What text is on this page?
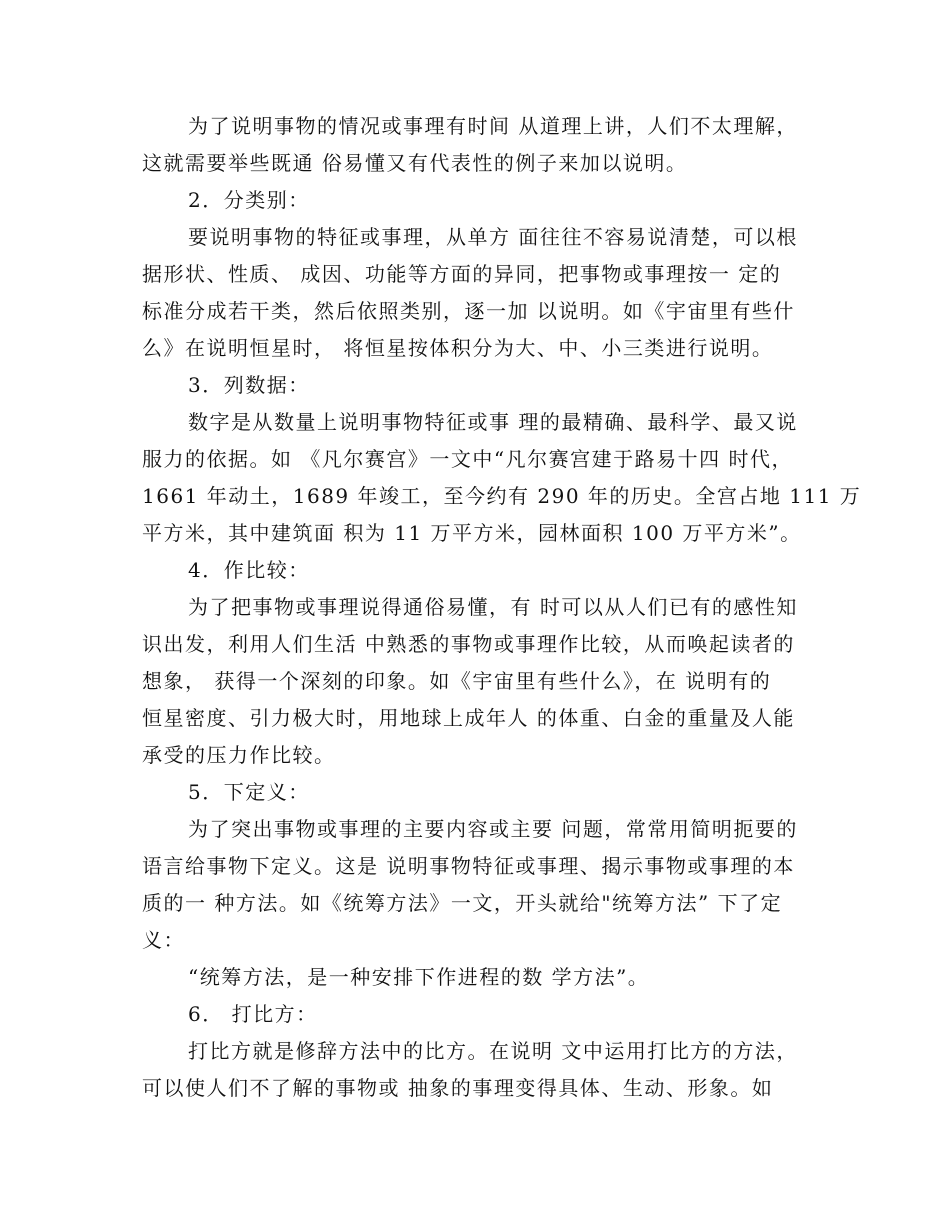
为了说明事物的情况或事理有时间 从道理上讲，人们不太理解，
这就需要举些既通 俗易懂又有代表性的例子来加以说明。
2．分类别：
要说明事物的特征或事理，从单方 面往往不容易说清楚，可以根
据形状、性质、 成因、功能等方面的异同，把事物或事理按一 定的
标准分成若干类，然后依照类别，逐一加 以说明。如《宇宙里有些什
么》在说明恒星时， 将恒星按体积分为大、中、小三类进行说明。
3．列数据：
数字是从数量上说明事物特征或事 理的最精确、最科学、最又说
服力的依据。如 《凡尔赛宫》一文中“凡尔赛宫建于路易十四 时代，
1661 年动土，1689 年竣工，至今约有 290 年的历史。全宫占地 111 万
平方米，其中建筑面 积为 11 万平方米，园林面积 100 万平方米”。
4．作比较：
为了把事物或事理说得通俗易懂，有 时可以从人们已有的感性知
识出发，利用人们生活 中熟悉的事物或事理作比较，从而唤起读者的
想象， 获得一个深刻的印象。如《宇宙里有些什么》，在 说明有的
恒星密度、引力极大时，用地球上成年人 的体重、白金的重量及人能
承受的压力作比较。
5．下定义：
为了突出事物或事理的主要内容或主要 问题，常常用简明扼要的
语言给事物下定义。这是 说明事物特征或事理、揭示事物或事理的本
质的一 种方法。如《统筹方法》一文，开头就给"统筹方法” 下了定
义：
“统筹方法，是一种安排下作进程的数 学方法”。
6． 打比方：
打比方就是修辞方法中的比方。在说明 文中运用打比方的方法，
可以使人们不了解的事物或 抽象的事理变得具体、生动、形象。如
